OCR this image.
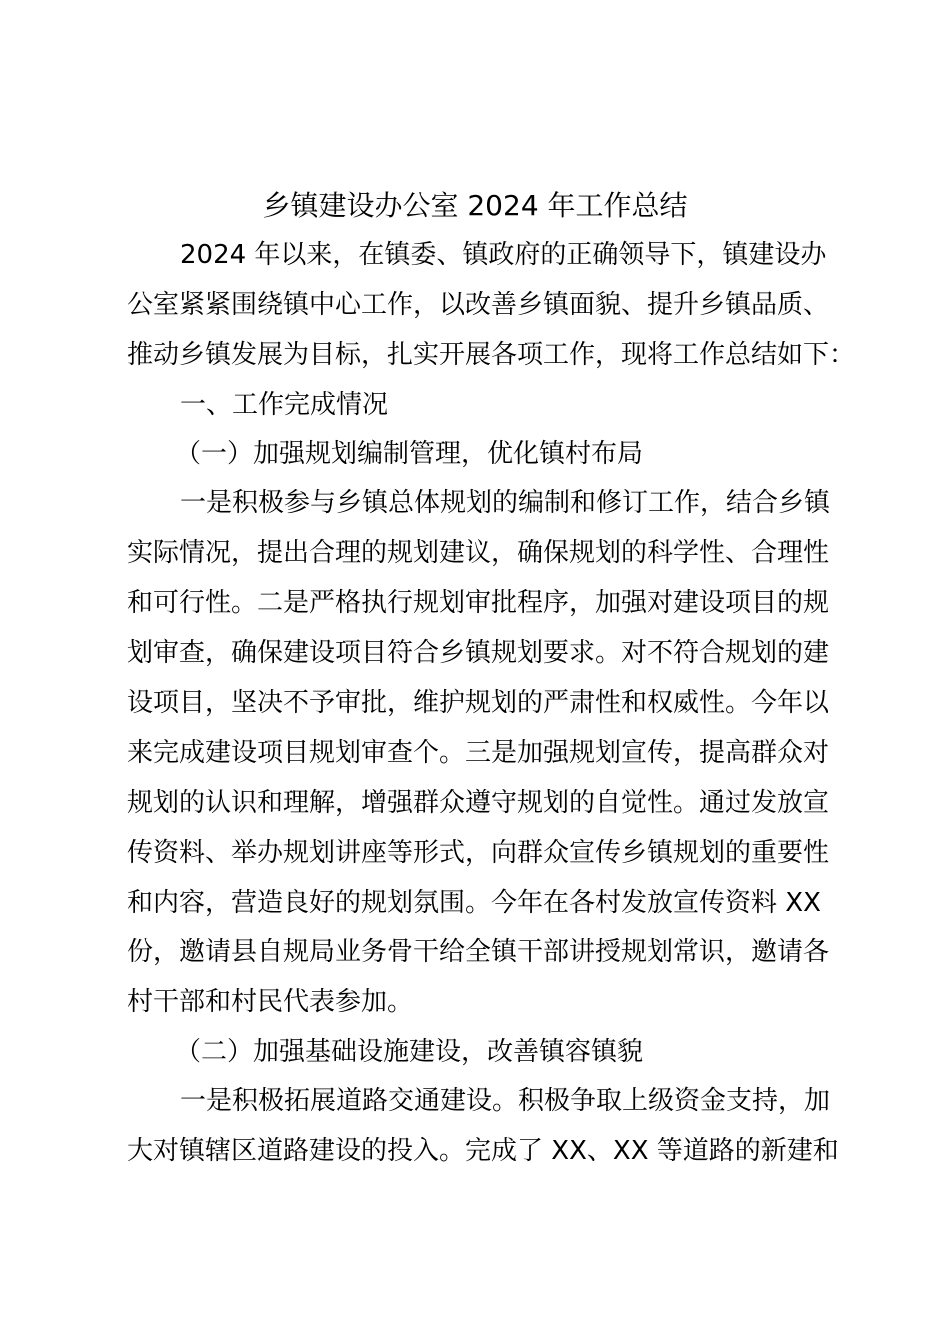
乡镇建设办公室 2024 年工作总结
2024 年以来，在镇委、镇政府的正确领导下，镇建设办
公室紧紧围绕镇中心工作，以改善乡镇面貌、提升乡镇品质、
推动乡镇发展为目标，扎实开展各项工作，现将工作总结如下：
一、工作完成情况
（一）加强规划编制管理，优化镇村布局
一是积极参与乡镇总体规划的编制和修订工作，结合乡镇
实际情况，提出合理的规划建议，确保规划的科学性、合理性
和可行性。二是严格执行规划审批程序，加强对建设项目的规
划审查，确保建设项目符合乡镇规划要求。对不符合规划的建
设项目，坚决不予审批，维护规划的严肃性和权威性。今年以
来完成建设项目规划审查个。三是加强规划宣传，提高群众对
规划的认识和理解，增强群众遵守规划的自觉性。通过发放宣
传资料、举办规划讲座等形式，向群众宣传乡镇规划的重要性
和内容，营造良好的规划氛围。今年在各村发放宣传资料 XX
份，邀请县自规局业务骨干给全镇干部讲授规划常识，邀请各
村干部和村民代表参加。
（二）加强基础设施建设，改善镇容镇貌
一是积极拓展道路交通建设。积极争取上级资金支持，加
大对镇辖区道路建设的投入。完成了 XX、XX 等道路的新建和
